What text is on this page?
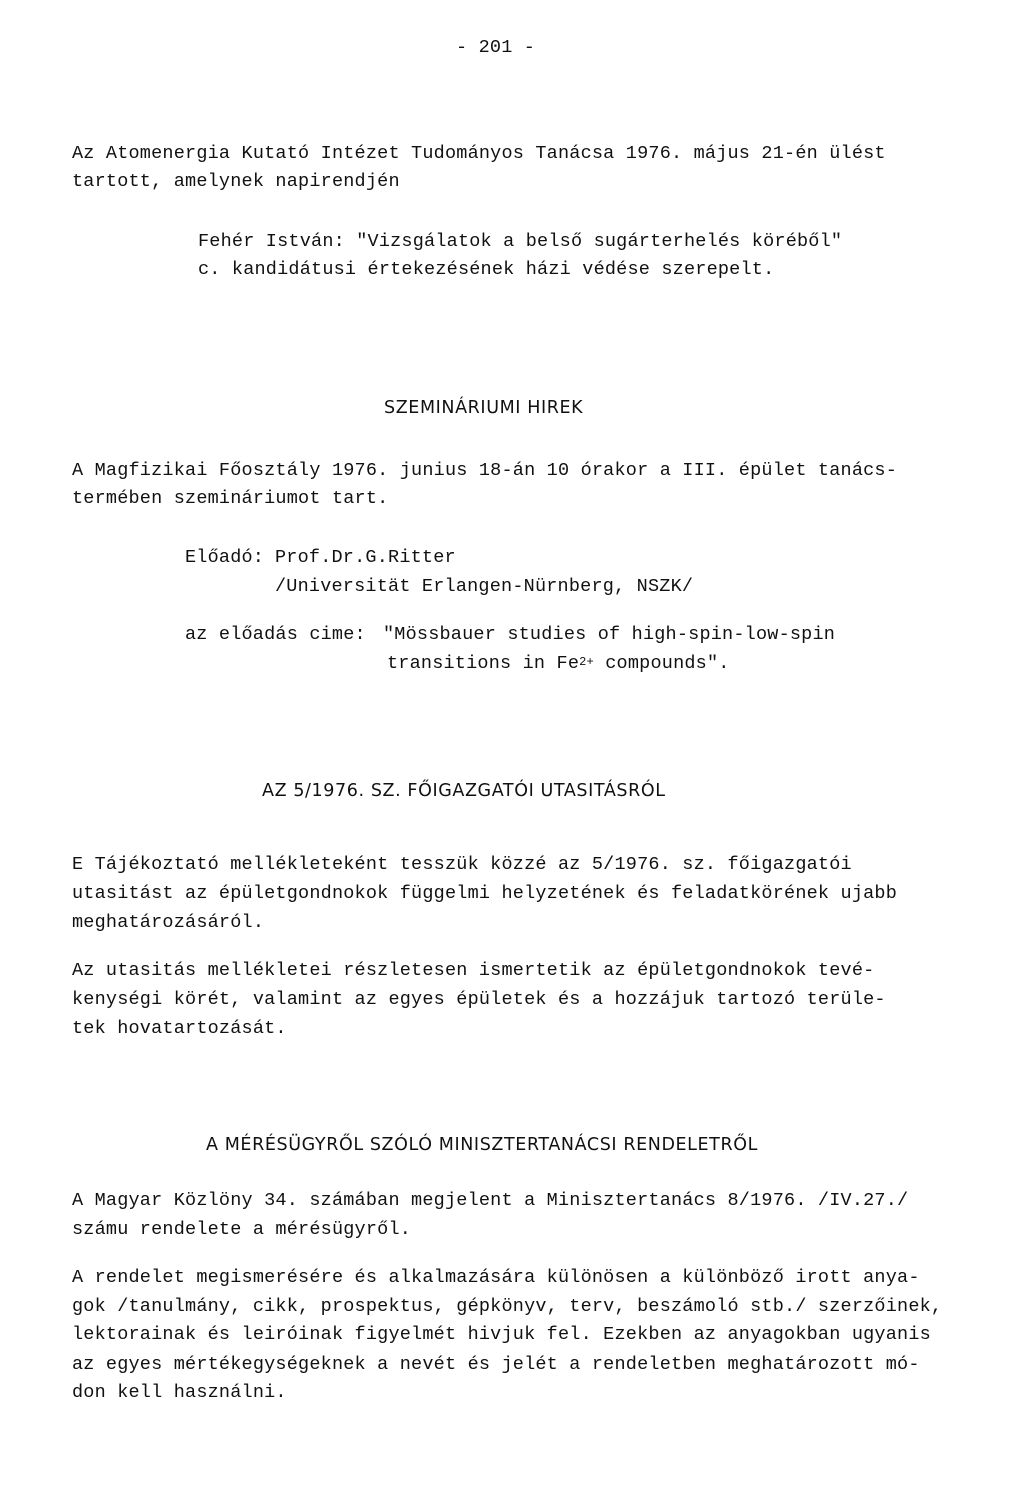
- 201 -
Az Atomenergia Kutató Intézet Tudományos Tanácsa 1976. május 21-én ülést
tartott, amelynek napirendjén
Fehér István: "Vizsgálatok a belső sugárterhelés köréből"
c. kandidátusi értekezésének házi védése szerepelt.
SZEMINÁRIUMI HIREK
A Magfizikai Főosztály 1976. junius 18-án 10 órakor a III. épület tanács-
termében szemináriumot tart.
Előadó: Prof.Dr.G.Ritter
/Universität Erlangen-Nürnberg, NSZK/
az előadás cime: "Mössbauer studies of high-spin-low-spin
transitions in $Fe^{2+}$ compounds".
AZ 5/1976. SZ. FŐIGAZGATÓI UTASITÁSRÓL
E Tájékoztató mellékleteként tesszük közzé az 5/1976. sz. főigazgatói
utasitást az épületgondnokok függelmi helyzetének és feladatkörének ujabb
meghatározásáról.
Az utasitás mellékletei részletesen ismertetik az épületgondnokok tevé-
kenységi körét, valamint az egyes épületek és a hozzájuk tartozó terüle-
tek hovatartozását.
A MÉRÉSÜGYRŐL SZÓLÓ MINISZTERTANÁCSI RENDELETRŐL
A Magyar Közlöny 34. számában megjelent a Minisztertanács 8/1976. /IV.27./
számu rendelete a mérésügyről.
A rendelet megismerésére és alkalmazására különösen a különböző irott anya-
gok /tanulmány, cikk, prospektus, gépkönyv, terv, beszámoló stb./ szerzőinek,
lektorainak és leiróinak figyelmét hivjuk fel. Ezekben az anyagokban ugyanis
az egyes mértékegységeknek a nevét és jelét a rendeletben meghatározott mó-
don kell használni.
